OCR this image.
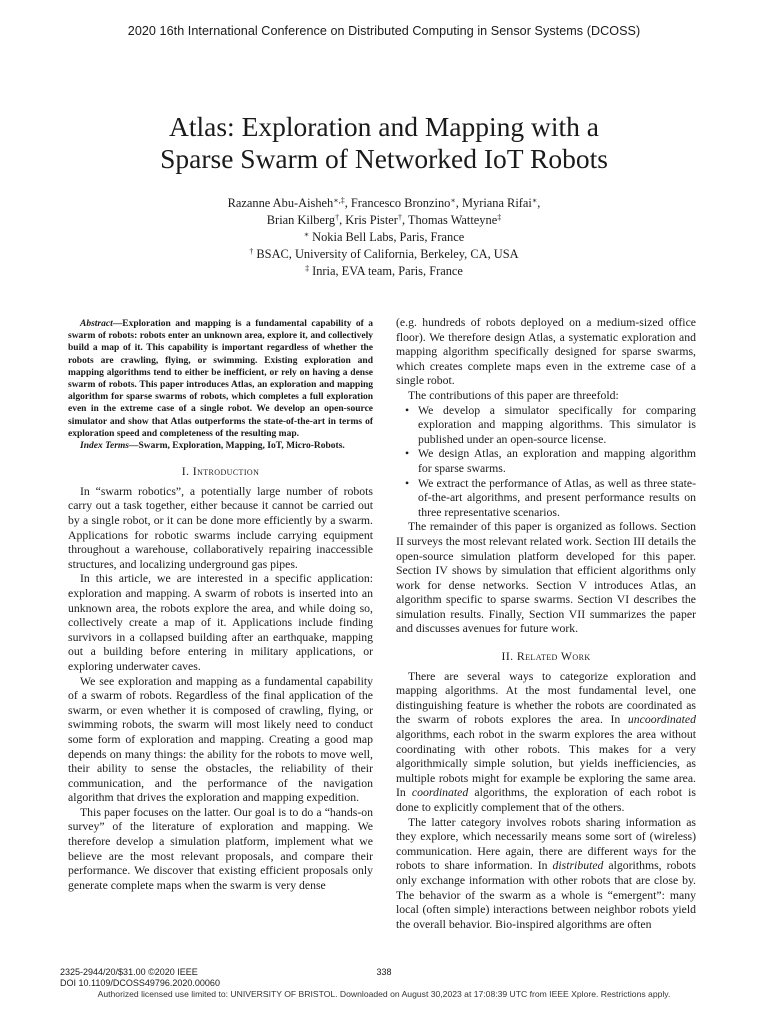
2020 16th International Conference on Distributed Computing in Sensor Systems (DCOSS)
Atlas: Exploration and Mapping with a
Sparse Swarm of Networked IoT Robots
Razanne Abu-Aisheh∗,‡, Francesco Bronzino∗, Myriana Rifai∗,
Brian Kilberg†, Kris Pister†, Thomas Watteyne‡
∗ Nokia Bell Labs, Paris, France
† BSAC, University of California, Berkeley, CA, USA
‡ Inria, EVA team, Paris, France

Abstract—Exploration and mapping is a fundamental capability of a swarm of robots: robots enter an unknown area, explore it, and collectively build a map of it. This capability is important regardless of whether the robots are crawling, flying, or swimming. Existing exploration and mapping algorithms tend to either be inefficient, or rely on having a dense swarm of robots. This paper introduces Atlas, an exploration and mapping algorithm for sparse swarms of robots, which completes a full exploration even in the extreme case of a single robot. We develop an open-source simulator and show that Atlas outperforms the state-of-the-art in terms of exploration speed and completeness of the resulting map.

Index Terms—Swarm, Exploration, Mapping, IoT, Micro-Robots.

I. Introduction

In “swarm robotics”, a potentially large number of robots carry out a task together, either because it cannot be carried out by a single robot, or it can be done more efficiently by a swarm. Applications for robotic swarms include carrying equipment throughout a warehouse, collaboratively repairing inaccessible structures, and localizing underground gas pipes.

In this article, we are interested in a specific application: exploration and mapping. A swarm of robots is inserted into an unknown area, the robots explore the area, and while doing so, collectively create a map of it. Applications include finding survivors in a collapsed building after an earthquake, mapping out a building before entering in military applications, or exploring underwater caves.

We see exploration and mapping as a fundamental capability of a swarm of robots. Regardless of the final application of the swarm, or even whether it is composed of crawling, flying, or swimming robots, the swarm will most likely need to conduct some form of exploration and mapping. Creating a good map depends on many things: the ability for the robots to move well, their ability to sense the obstacles, the reliability of their communication, and the performance of the navigation algorithm that drives the exploration and mapping expedition.

This paper focuses on the latter. Our goal is to do a “hands-on survey” of the literature of exploration and mapping. We therefore develop a simulation platform, implement what we believe are the most relevant proposals, and compare their performance. We discover that existing efficient proposals only generate complete maps when the swarm is very dense

(e.g. hundreds of robots deployed on a medium-sized office floor). We therefore design Atlas, a systematic exploration and mapping algorithm specifically designed for sparse swarms, which creates complete maps even in the extreme case of a single robot.

The contributions of this paper are threefold:

• We develop a simulator specifically for comparing exploration and mapping algorithms. This simulator is published under an open-source license.
• We design Atlas, an exploration and mapping algorithm for sparse swarms.
• We extract the performance of Atlas, as well as three state-of-the-art algorithms, and present performance results on three representative scenarios.

The remainder of this paper is organized as follows. Section II surveys the most relevant related work. Section III details the open-source simulation platform developed for this paper. Section IV shows by simulation that efficient algorithms only work for dense networks. Section V introduces Atlas, an algorithm specific to sparse swarms. Section VI describes the simulation results. Finally, Section VII summarizes the paper and discusses avenues for future work.

II. Related Work

There are several ways to categorize exploration and mapping algorithms. At the most fundamental level, one distinguishing feature is whether the robots are coordinated as the swarm of robots explores the area. In uncoordinated algorithms, each robot in the swarm explores the area without coordinating with other robots. This makes for a very algorithmically simple solution, but yields inefficiencies, as multiple robots might for example be exploring the same area. In coordinated algorithms, the exploration of each robot is done to explicitly complement that of the others.

The latter category involves robots sharing information as they explore, which necessarily means some sort of (wireless) communication. Here again, there are different ways for the robots to share information. In distributed algorithms, robots only exchange information with other robots that are close by. The behavior of the swarm as a whole is “emergent”: many local (often simple) interactions between neighbor robots yield the overall behavior. Bio-inspired algorithms are often

2325-2944/20/$31.00 ©2020 IEEE
DOI 10.1109/DCOSS49796.2020.00060
338
Authorized licensed use limited to: UNIVERSITY OF BRISTOL. Downloaded on August 30,2023 at 17:08:39 UTC from IEEE Xplore. Restrictions apply.
